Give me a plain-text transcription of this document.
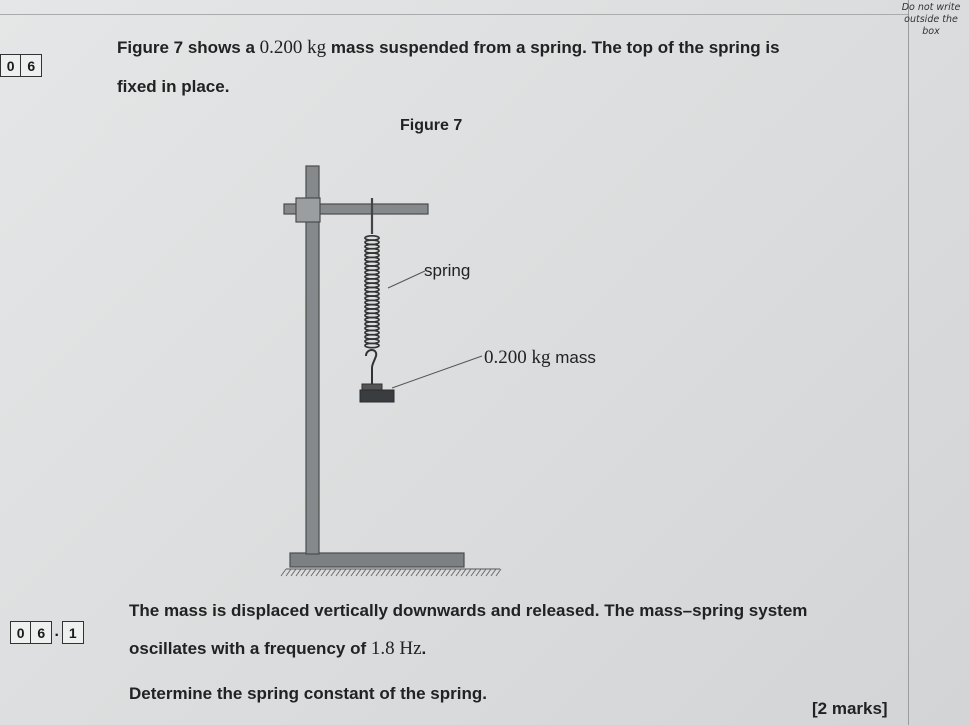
Do not write
outside the
box
0 6
Figure 7 shows a 0.200 kg mass suspended from a spring. The top of the spring is
fixed in place.
Figure 7
spring
0.200 kg mass
0 6 . 1
The mass is displaced vertically downwards and released. The mass–spring system
oscillates with a frequency of 1.8 Hz.
Determine the spring constant of the spring.
[2 marks]
